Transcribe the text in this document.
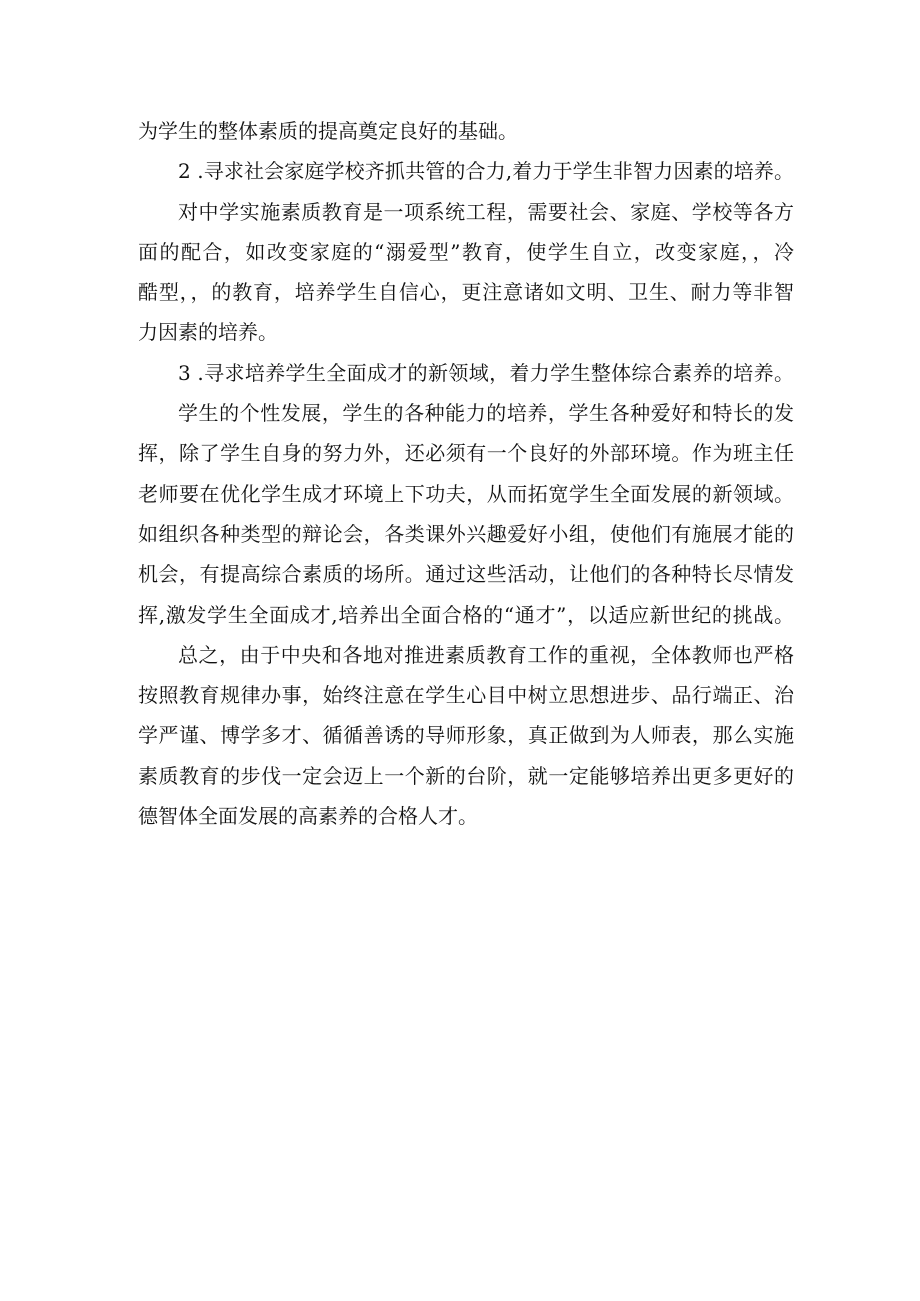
为学生的整体素质的提高奠定良好的基础。
2 .寻求社会家庭学校齐抓共管的合力,着力于学生非智力因素的培养。
对中学实施素质教育是一项系统工程，需要社会、家庭、学校等各方
面的配合，如改变家庭的“溺爱型”教育，使学生自立，改变家庭，，冷
酷型，，的教育，培养学生自信心，更注意诸如文明、卫生、耐力等非智
力因素的培养。
3 .寻求培养学生全面成才的新领域，着力学生整体综合素养的培养。
学生的个性发展，学生的各种能力的培养，学生各种爱好和特长的发
挥，除了学生自身的努力外，还必须有一个良好的外部环境。作为班主任
老师要在优化学生成才环境上下功夫，从而拓宽学生全面发展的新领域。
如组织各种类型的辩论会，各类课外兴趣爱好小组，使他们有施展才能的
机会，有提高综合素质的场所。通过这些活动，让他们的各种特长尽情发
挥,激发学生全面成才,培养出全面合格的“通才”，以适应新世纪的挑战。
总之，由于中央和各地对推进素质教育工作的重视，全体教师也严格
按照教育规律办事，始终注意在学生心目中树立思想进步、品行端正、治
学严谨、博学多才、循循善诱的导师形象，真正做到为人师表，那么实施
素质教育的步伐一定会迈上一个新的台阶，就一定能够培养出更多更好的
德智体全面发展的高素养的合格人才。
